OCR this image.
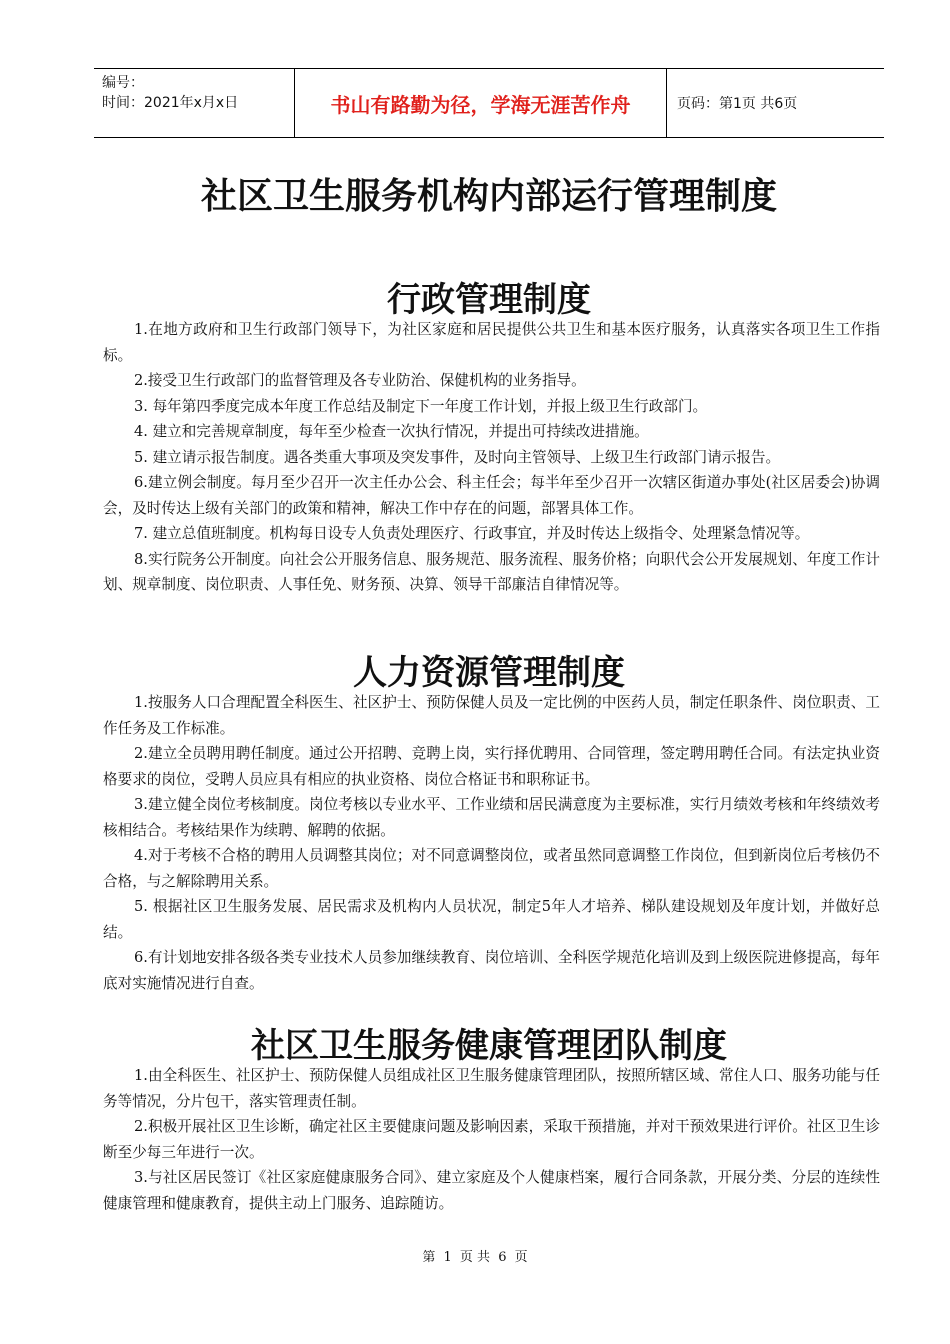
编号：
时间：2021年x月x日	书山有路勤为径，学海无涯苦作舟	页码：第1页 共6页
社区卫生服务机构内部运行管理制度
行政管理制度

1.在地方政府和卫生行政部门领导下，为社区家庭和居民提供公共卫生和基本医疗服务，认真落实各项卫生工作指标。

2.接受卫生行政部门的监督管理及各专业防治、保健机构的业务指导。

3. 每年第四季度完成本年度工作总结及制定下一年度工作计划，并报上级卫生行政部门。

4. 建立和完善规章制度，每年至少检查一次执行情况，并提出可持续改进措施。

5. 建立请示报告制度。遇各类重大事项及突发事件，及时向主管领导、上级卫生行政部门请示报告。

6.建立例会制度。每月至少召开一次主任办公会、科主任会；每半年至少召开一次辖区街道办事处(社区居委会)协调会，及时传达上级有关部门的政策和精神，解决工作中存在的问题，部署具体工作。

7. 建立总值班制度。机构每日设专人负责处理医疗、行政事宜，并及时传达上级指令、处理紧急情况等。

8.实行院务公开制度。向社会公开服务信息、服务规范、服务流程、服务价格；向职代会公开发展规划、年度工作计划、规章制度、岗位职责、人事任免、财务预、决算、领导干部廉洁自律情况等。

人力资源管理制度

1.按服务人口合理配置全科医生、社区护士、预防保健人员及一定比例的中医药人员，制定任职条件、岗位职责、工作任务及工作标准。

2.建立全员聘用聘任制度。通过公开招聘、竞聘上岗，实行择优聘用、合同管理，签定聘用聘任合同。有法定执业资格要求的岗位，受聘人员应具有相应的执业资格、岗位合格证书和职称证书。

3.建立健全岗位考核制度。岗位考核以专业水平、工作业绩和居民满意度为主要标准，实行月绩效考核和年终绩效考核相结合。考核结果作为续聘、解聘的依据。

4.对于考核不合格的聘用人员调整其岗位；对不同意调整岗位，或者虽然同意调整工作岗位，但到新岗位后考核仍不合格，与之解除聘用关系。

5. 根据社区卫生服务发展、居民需求及机构内人员状况，制定5年人才培养、梯队建设规划及年度计划，并做好总结。

6.有计划地安排各级各类专业技术人员参加继续教育、岗位培训、全科医学规范化培训及到上级医院进修提高，每年底对实施情况进行自查。

社区卫生服务健康管理团队制度

1.由全科医生、社区护士、预防保健人员组成社区卫生服务健康管理团队，按照所辖区域、常住人口、服务功能与任务等情况，分片包干，落实管理责任制。

2.积极开展社区卫生诊断，确定社区主要健康问题及影响因素，采取干预措施，并对干预效果进行评价。社区卫生诊断至少每三年进行一次。

3.与社区居民签订《社区家庭健康服务合同》、建立家庭及个人健康档案，履行合同条款，开展分类、分层的连续性健康管理和健康教育，提供主动上门服务、追踪随访。

第 1 页 共 6 页
